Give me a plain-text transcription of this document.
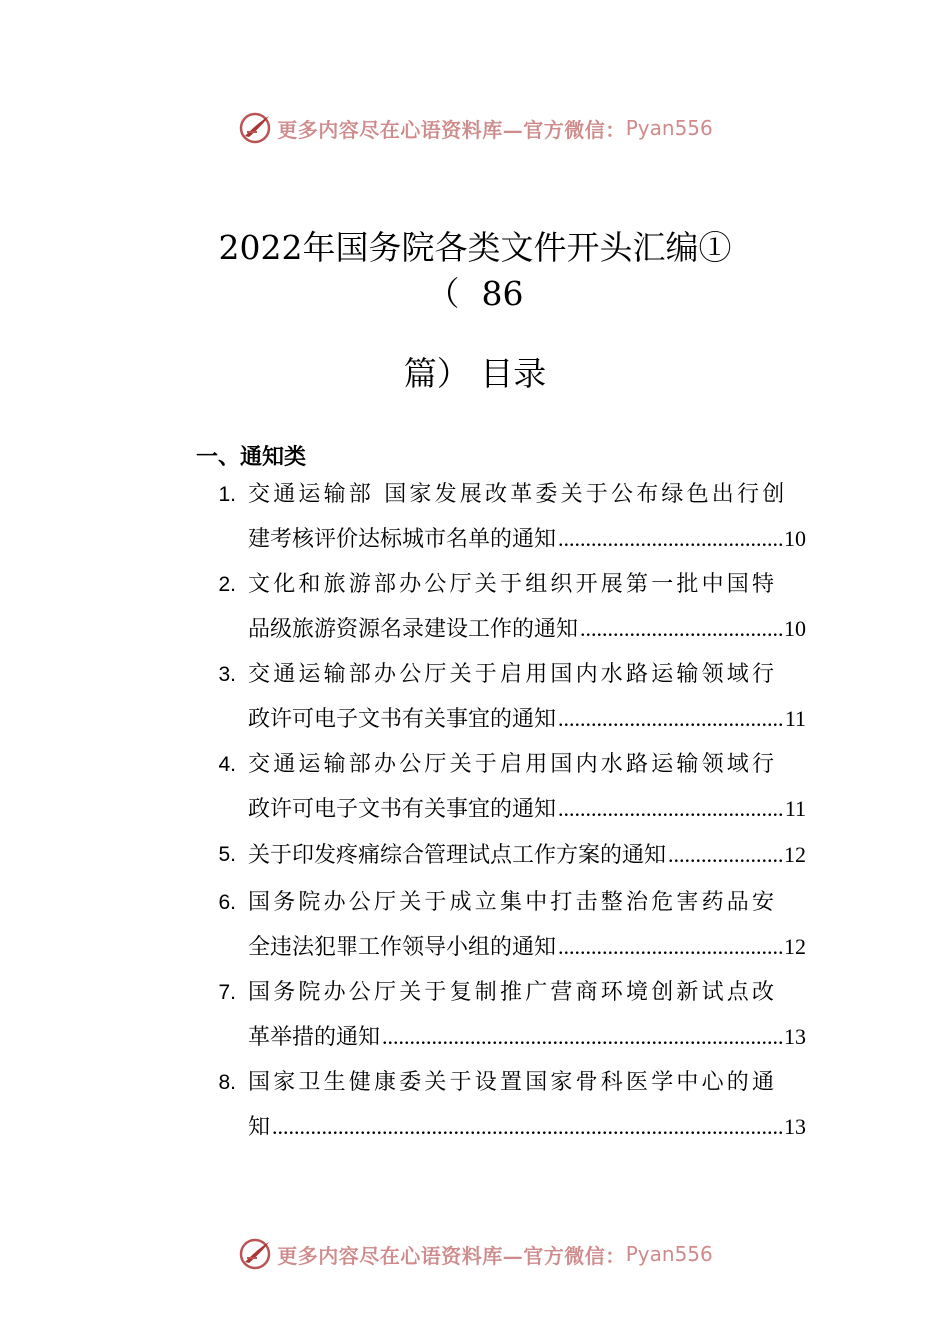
更多内容尽在心语资料库—官方微信： Pyan556
2022年国务院各类文件开头汇编①
（ 86
篇） 目录
一、通知类
1. 交通运输部 国家发展改革委关于公布绿色出行创
建考核评价达标城市名单的通知 .....	10
2. 文化和旅游部办公厅关于组织开展第一批中国特
品级旅游资源名录建设工作的通知 .....	10
3. 交通运输部办公厅关于启用国内水路运输领域行
政许可电子文书有关事宜的通知 .....	11
4. 交通运输部办公厅关于启用国内水路运输领域行
政许可电子文书有关事宜的通知 .....	11
5. 关于印发疼痛综合管理试点工作方案的通知 .....	12
6. 国务院办公厅关于成立集中打击整治危害药品安
全违法犯罪工作领导小组的通知 .....	12
7. 国务院办公厅关于复制推广营商环境创新试点改
革举措的通知 .....	13
8. 国家卫生健康委关于设置国家骨科医学中心的通
知 .....	13
更多内容尽在心语资料库—官方微信： Pyan556
